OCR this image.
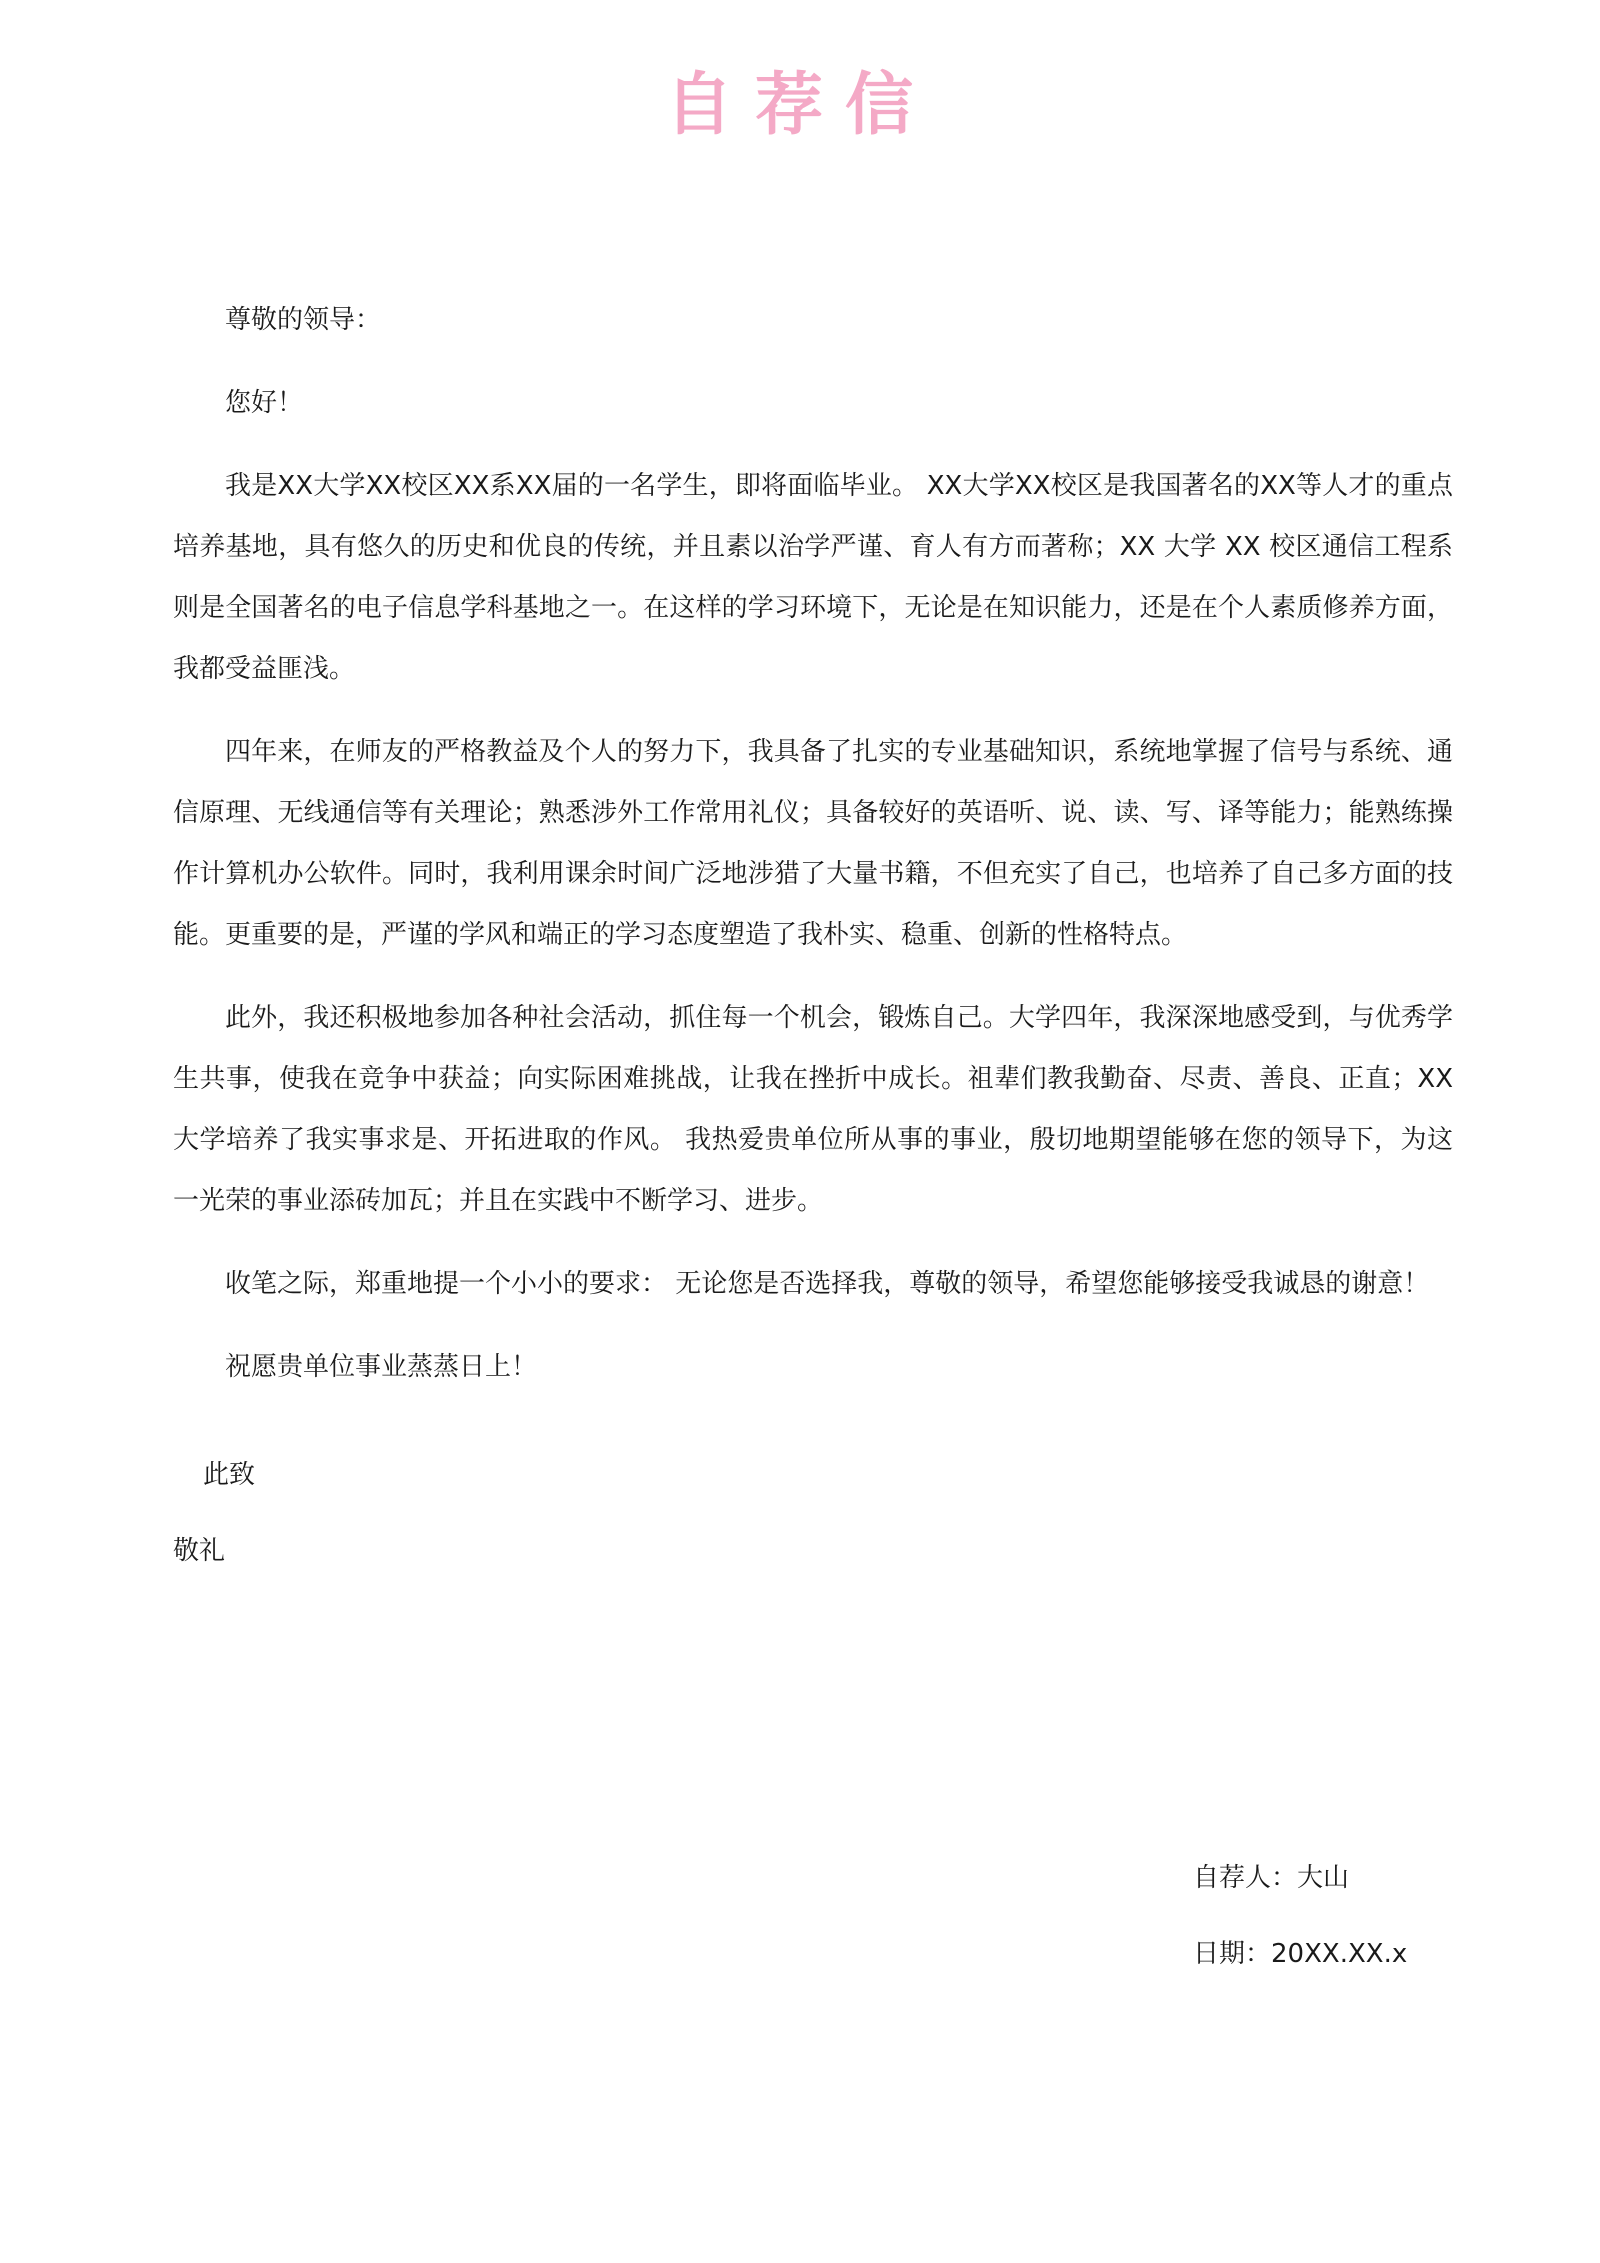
自荐信

尊敬的领导：

您好！

我是XX大学XX校区XX系XX届的一名学生，即将面临毕业。 XX大学XX校区是我国著名的XX等人才的重点培养基地，具有悠久的历史和优良的传统，并且素以治学严谨、育人有方而著称；XX 大学 XX 校区通信工程系则是全国著名的电子信息学科基地之一。在这样的学习环境下，无论是在知识能力，还是在个人素质修养方面，我都受益匪浅。

四年来，在师友的严格教益及个人的努力下，我具备了扎实的专业基础知识，系统地掌握了信号与系统、通信原理、无线通信等有关理论；熟悉涉外工作常用礼仪；具备较好的英语听、说、读、写、译等能力；能熟练操作计算机办公软件。同时，我利用课余时间广泛地涉猎了大量书籍，不但充实了自己，也培养了自己多方面的技能。更重要的是，严谨的学风和端正的学习态度塑造了我朴实、稳重、创新的性格特点。

此外，我还积极地参加各种社会活动，抓住每一个机会，锻炼自己。大学四年，我深深地感受到，与优秀学生共事，使我在竞争中获益；向实际困难挑战，让我在挫折中成长。祖辈们教我勤奋、尽责、善良、正直；XX 大学培养了我实事求是、开拓进取的作风。 我热爱贵单位所从事的事业，殷切地期望能够在您的领导下，为这一光荣的事业添砖加瓦；并且在实践中不断学习、进步。

收笔之际，郑重地提一个小小的要求： 无论您是否选择我，尊敬的领导，希望您能够接受我诚恳的谢意！

祝愿贵单位事业蒸蒸日上！

此致
敬礼
自荐人：大山
日期：20XX.XX.x
